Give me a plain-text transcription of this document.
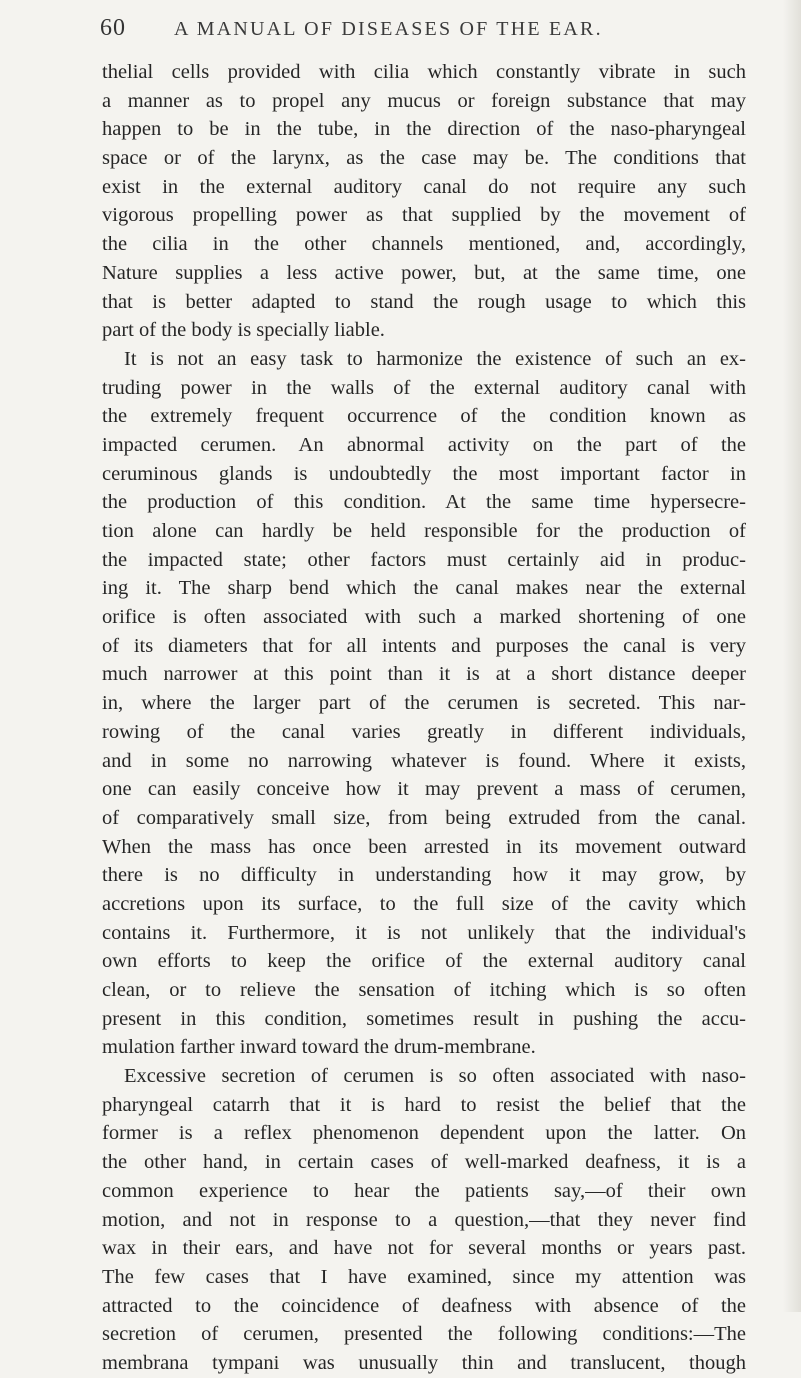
60 A MANUAL OF DISEASES OF THE EAR.
thelial cells provided with cilia which constantly vibrate in such
a manner as to propel any mucus or foreign substance that may
happen to be in the tube, in the direction of the naso-pharyngeal
space or of the larynx, as the case may be. The conditions that
exist in the external auditory canal do not require any such
vigorous propelling power as that supplied by the movement of
the cilia in the other channels mentioned, and, accordingly,
Nature supplies a less active power, but, at the same time, one
that is better adapted to stand the rough usage to which this
part of the body is specially liable.
It is not an easy task to harmonize the existence of such an ex-
truding power in the walls of the external auditory canal with
the extremely frequent occurrence of the condition known as
impacted cerumen. An abnormal activity on the part of the
ceruminous glands is undoubtedly the most important factor in
the production of this condition. At the same time hypersecre-
tion alone can hardly be held responsible for the production of
the impacted state; other factors must certainly aid in produc-
ing it. The sharp bend which the canal makes near the external
orifice is often associated with such a marked shortening of one
of its diameters that for all intents and purposes the canal is very
much narrower at this point than it is at a short distance deeper
in, where the larger part of the cerumen is secreted. This nar-
rowing of the canal varies greatly in different individuals,
and in some no narrowing whatever is found. Where it exists,
one can easily conceive how it may prevent a mass of cerumen,
of comparatively small size, from being extruded from the canal.
When the mass has once been arrested in its movement outward
there is no difficulty in understanding how it may grow, by
accretions upon its surface, to the full size of the cavity which
contains it. Furthermore, it is not unlikely that the individual's
own efforts to keep the orifice of the external auditory canal
clean, or to relieve the sensation of itching which is so often
present in this condition, sometimes result in pushing the accu-
mulation farther inward toward the drum-membrane.
Excessive secretion of cerumen is so often associated with naso-
pharyngeal catarrh that it is hard to resist the belief that the
former is a reflex phenomenon dependent upon the latter. On
the other hand, in certain cases of well-marked deafness, it is a
common experience to hear the patients say,—of their own
motion, and not in response to a question,—that they never find
wax in their ears, and have not for several months or years past.
The few cases that I have examined, since my attention was
attracted to the coincidence of deafness with absence of the
secretion of cerumen, presented the following conditions:—The
membrana tympani was unusually thin and translucent, though
